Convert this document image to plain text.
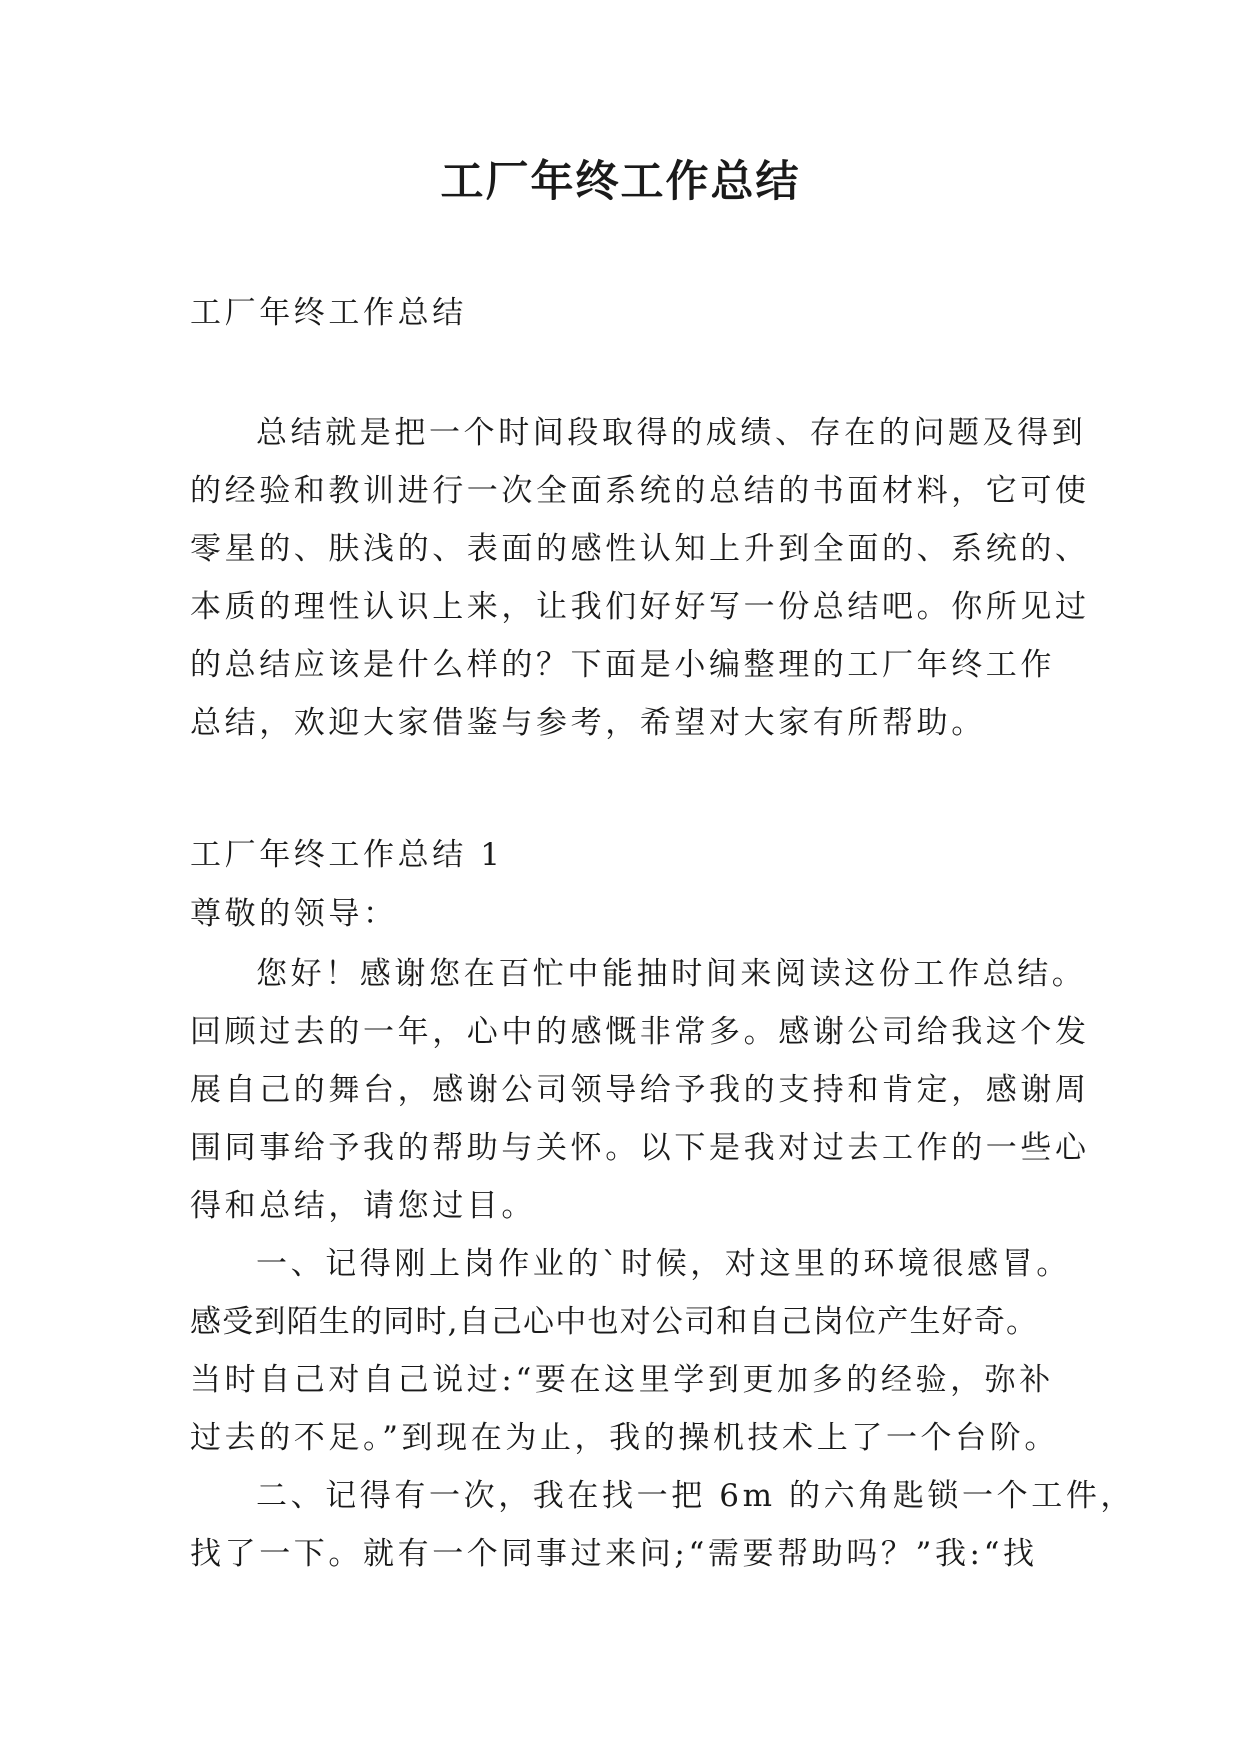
工厂年终工作总结

工厂年终工作总结

总结就是把一个时间段取得的成绩、存在的问题及得到
的经验和教训进行一次全面系统的总结的书面材料，它可使
零星的、肤浅的、表面的感性认知上升到全面的、系统的、
本质的理性认识上来，让我们好好写一份总结吧。你所见过
的总结应该是什么样的？下面是小编整理的工厂年终工作
总结，欢迎大家借鉴与参考，希望对大家有所帮助。
工厂年终工作总结 1
尊敬的领导：
您好！感谢您在百忙中能抽时间来阅读这份工作总结。
回顾过去的一年，心中的感慨非常多。感谢公司给我这个发
展自己的舞台，感谢公司领导给予我的支持和肯定，感谢周
围同事给予我的帮助与关怀。以下是我对过去工作的一些心
得和总结，请您过目。
一、记得刚上岗作业的`时候，对这里的环境很感冒。
感受到陌生的同时,自己心中也对公司和自己岗位产生好奇。
当时自己对自己说过:“要在这里学到更加多的经验，弥补
过去的不足。”到现在为止，我的操机技术上了一个台阶。
二、记得有一次，我在找一把 6m 的六角匙锁一个工件，
找了一下。就有一个同事过来问;“需要帮助吗？”我:“找
